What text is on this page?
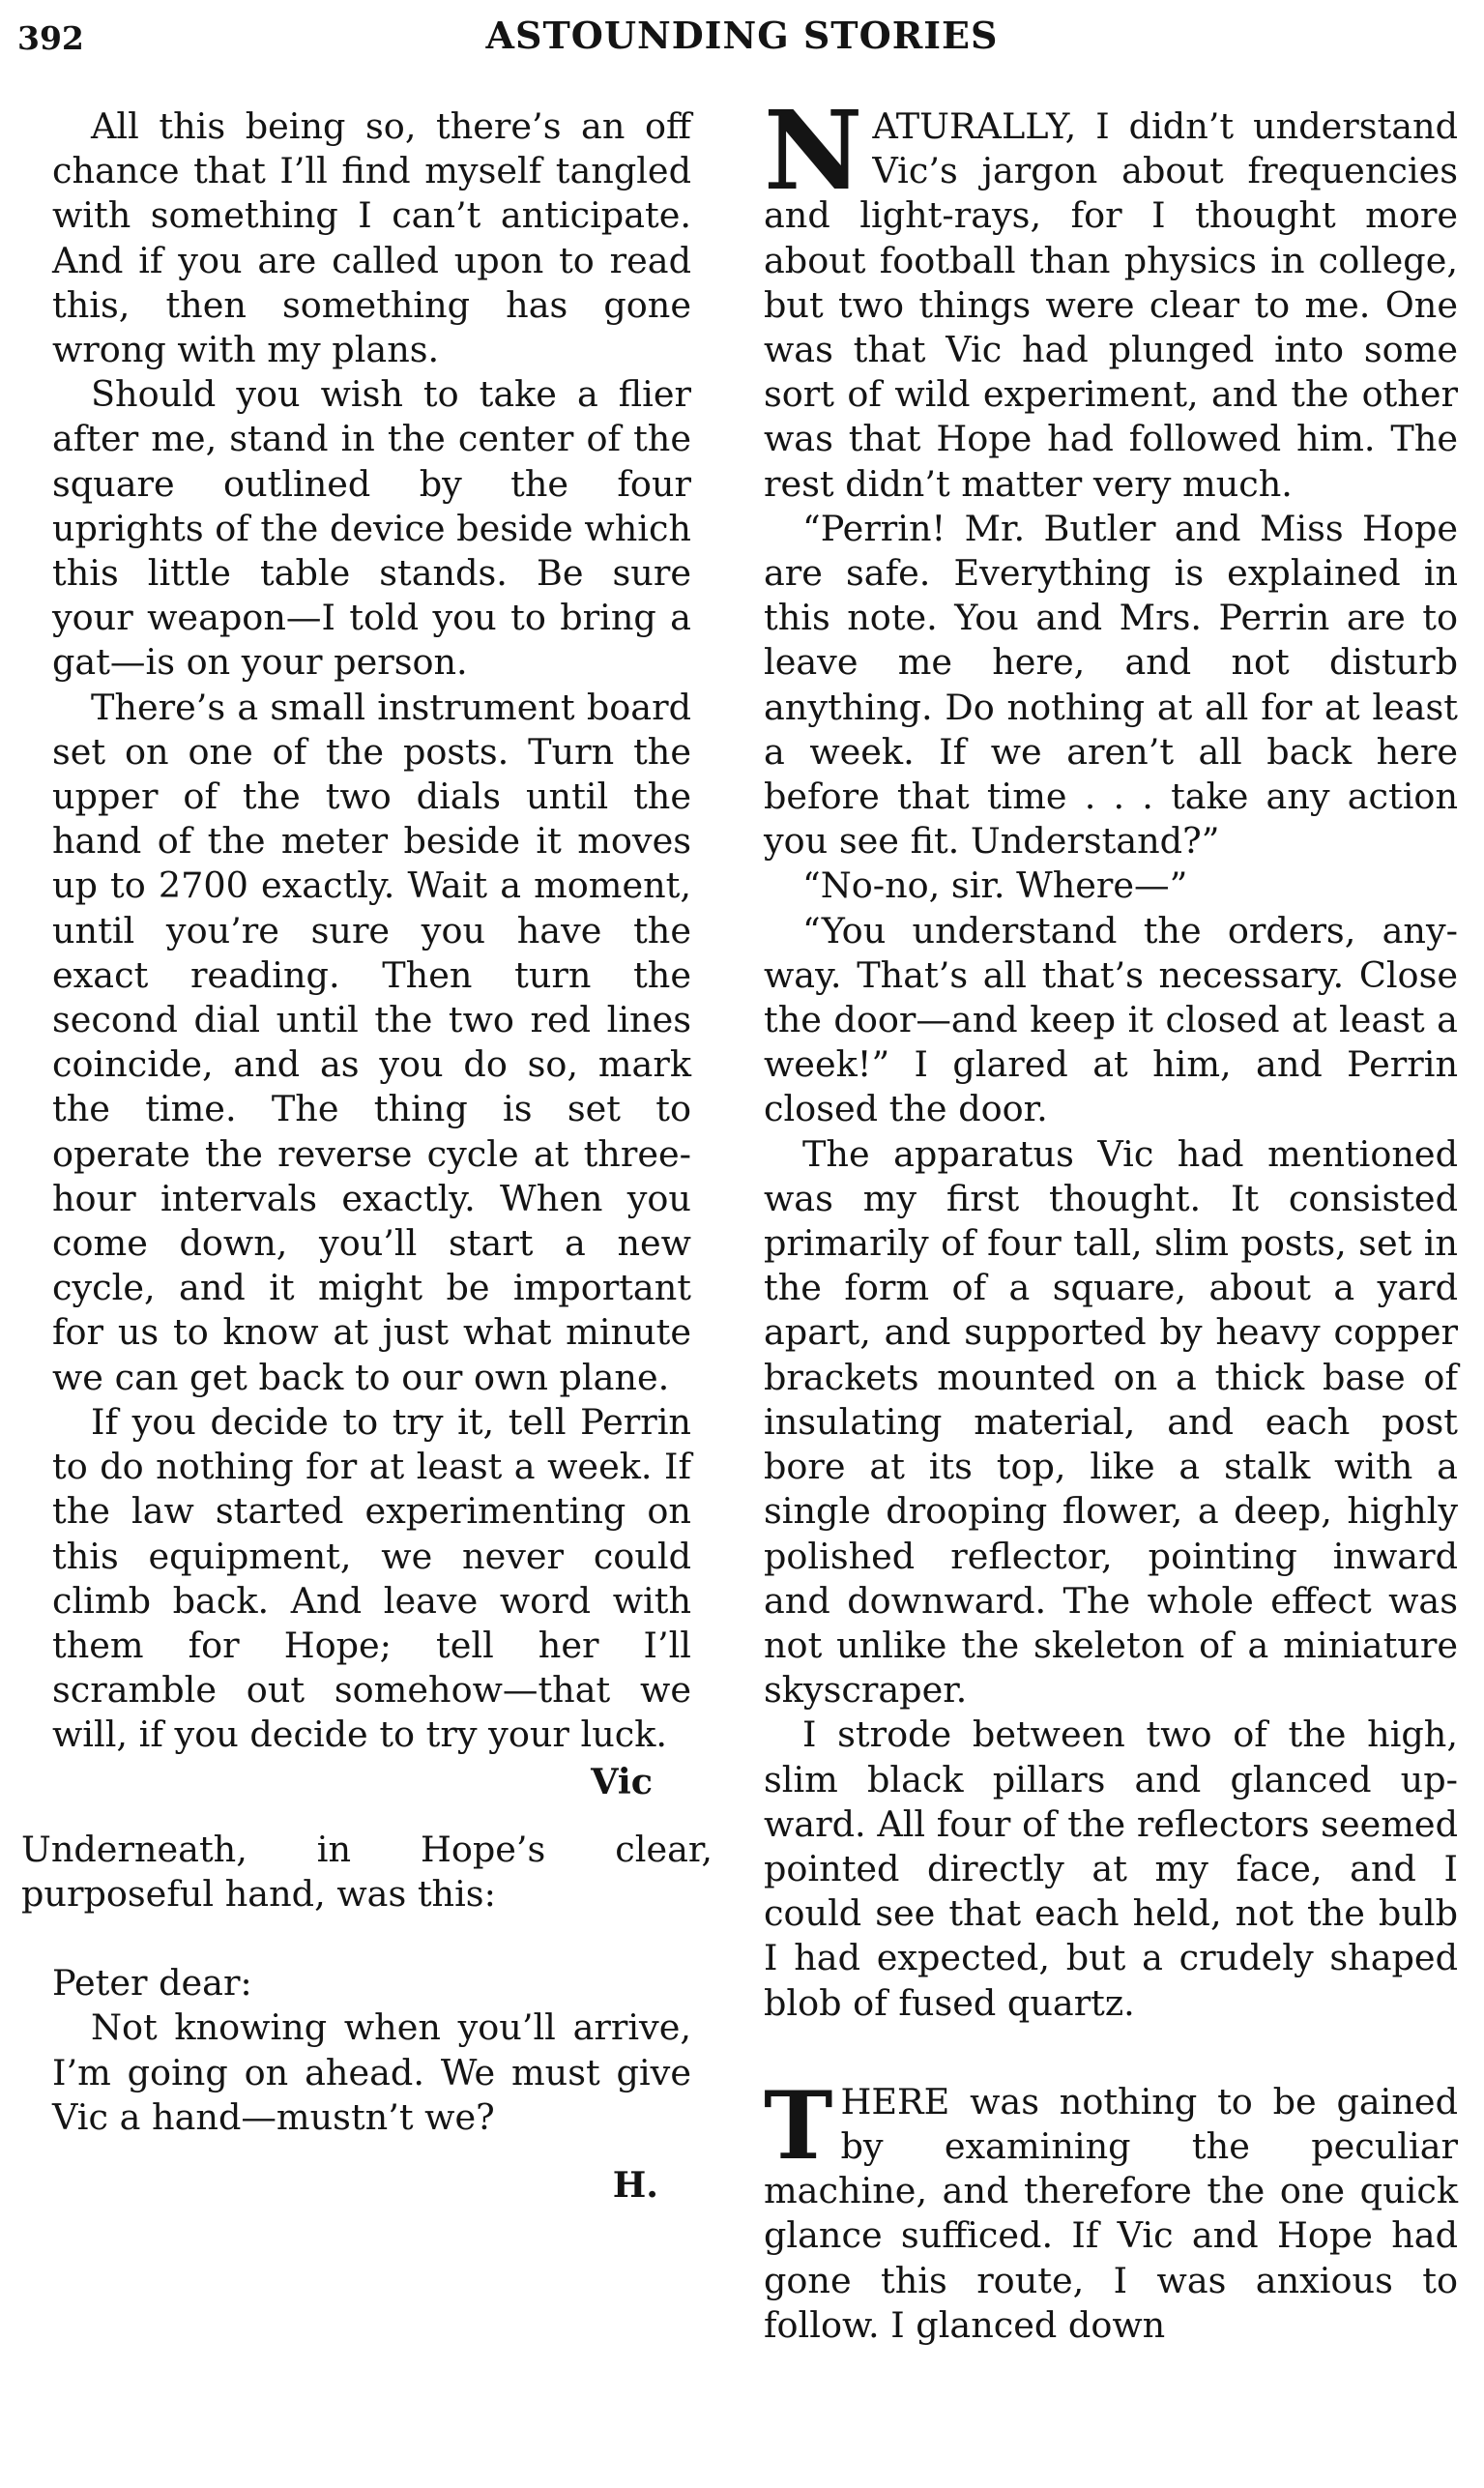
392	ASTOUNDING STORIES

All this being so, there’s an off chance that I’ll find myself tangled with something I can’t anticipate. And if you are called upon to read this, then something has gone wrong with my plans.

Should you wish to take a flier after me, stand in the center of the square outlined by the four uprights of the device beside which this little table stands. Be sure your weapon—I told you to bring a gat—is on your person.

There’s a small instrument board set on one of the posts. Turn the upper of the two dials until the hand of the meter beside it moves up to 2700 exactly. Wait a moment, until you’re sure you have the exact reading. Then turn the second dial until the two red lines coincide, and as you do so, mark the time. The thing is set to operate the reverse cycle at three-hour intervals exactly. When you come down, you’ll start a new cycle, and it might be important for us to know at just what minute we can get back to our own plane.

If you decide to try it, tell Perrin to do nothing for at least a week. If the law started experimenting on this equipment, we never could climb back. And leave word with them for Hope; tell her I’ll scramble out somehow—that we will, if you decide to try your luck.

Vic

Underneath, in Hope’s clear, purposeful hand, was this:

Peter dear:

Not knowing when you’ll arrive, I’m going on ahead. We must give Vic a hand—mustn’t we?

H.

NATURALLY, I didn’t understand Vic’s jargon about frequencies and light-rays, for I thought more about football than physics in college, but two things were clear to me. One was that Vic had plunged into some sort of wild experiment, and the other was that Hope had followed him. The rest didn’t matter very much.

“Perrin! Mr. Butler and Miss Hope are safe. Everything is explained in this note. You and Mrs. Perrin are to leave me here, and not disturb anything. Do nothing at all for at least a week. If we aren’t all back here before that time . . . take any action you see fit. Understand?”

“No-no, sir. Where—”

“You understand the orders, anyway. That’s all that’s necessary. Close the door—and keep it closed at least a week!” I glared at him, and Perrin closed the door.

The apparatus Vic had mentioned was my first thought. It consisted primarily of four tall, slim posts, set in the form of a square, about a yard apart, and supported by heavy copper brackets mounted on a thick base of insulating material, and each post bore at its top, like a stalk with a single drooping flower, a deep, highly polished reflector, pointing inward and downward. The whole effect was not unlike the skeleton of a miniature skyscraper.

I strode between two of the high, slim black pillars and glanced upward. All four of the reflectors seemed pointed directly at my face, and I could see that each held, not the bulb I had expected, but a crudely shaped blob of fused quartz.

THERE was nothing to be gained by examining the peculiar machine, and therefore the one quick glance sufficed. If Vic and Hope had gone this route, I was anxious to follow. I glanced down
